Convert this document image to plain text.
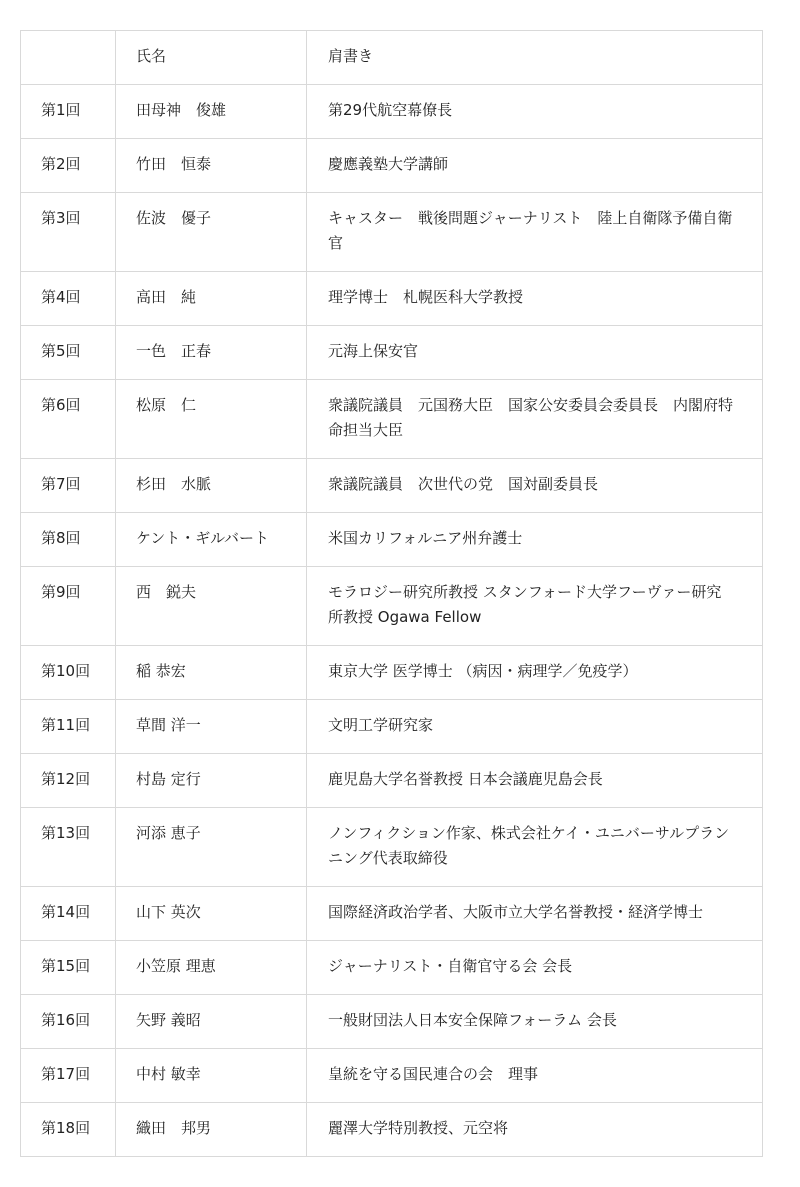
	氏名	肩書き
第1回	田母神　俊雄	第29代航空幕僚長
第2回	竹田　恒泰	慶應義塾大学講師
第3回	佐波　優子	キャスター　戦後問題ジャーナリスト　陸上自衛隊予備自衛官
第4回	高田　純	理学博士　札幌医科大学教授
第5回	一色　正春	元海上保安官
第6回	松原　仁	衆議院議員　元国務大臣　国家公安委員会委員長　内閣府特命担当大臣
第7回	杉田　水脈	衆議院議員　次世代の党　国対副委員長
第8回	ケント・ギルバート	米国カリフォルニア州弁護士
第9回	西　鋭夫	モラロジー研究所教授 スタンフォード大学フーヴァー研究所教授 Ogawa Fellow
第10回	稲 恭宏	東京大学 医学博士 （病因・病理学／免疫学）
第11回	草間 洋一	文明工学研究家
第12回	村島 定行	鹿児島大学名誉教授 日本会議鹿児島会長
第13回	河添 恵子	ノンフィクション作家、株式会社ケイ・ユニバーサルプランニング代表取締役
第14回	山下 英次	国際経済政治学者、大阪市立大学名誉教授・経済学博士
第15回	小笠原 理恵	ジャーナリスト・自衛官守る会 会長
第16回	矢野 義昭	一般財団法人日本安全保障フォーラム 会長
第17回	中村 敏幸	皇統を守る国民連合の会　理事
第18回	織田　邦男	麗澤大学特別教授、元空将
